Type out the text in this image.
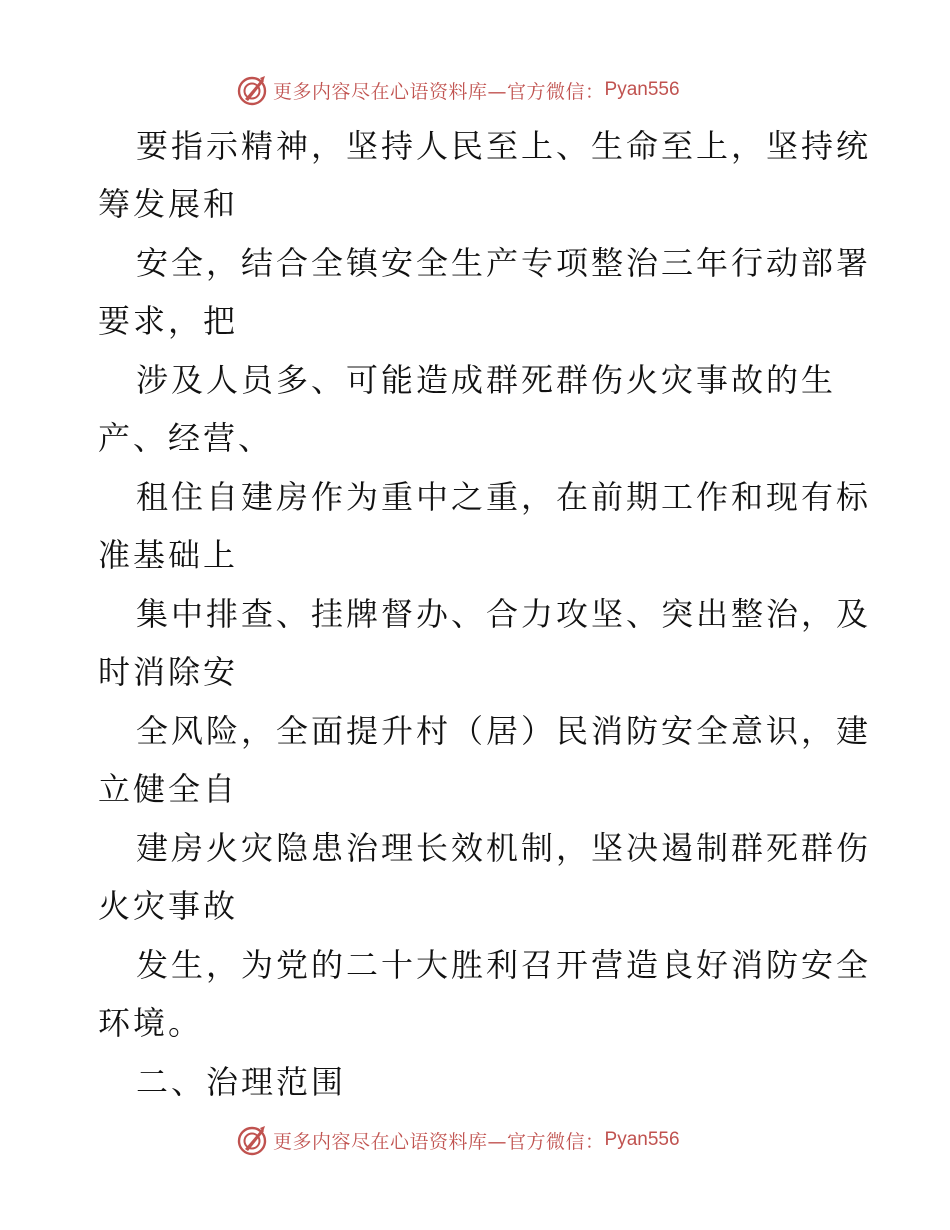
更多内容尽在心语资料库—官方微信： Pyan556
要指示精神，坚持人民至上、生命至上，坚持统
筹发展和
安全，结合全镇安全生产专项整治三年行动部署
要求，把
涉及人员多、可能造成群死群伤火灾事故的生
产、经营、
租住自建房作为重中之重，在前期工作和现有标
准基础上
集中排查、挂牌督办、合力攻坚、突出整治，及
时消除安
全风险，全面提升村（居）民消防安全意识，建
立健全自
建房火灾隐患治理长效机制，坚决遏制群死群伤
火灾事故
发生，为党的二十大胜利召开营造良好消防安全
环境。
二、治理范围
更多内容尽在心语资料库—官方微信： Pyan556
